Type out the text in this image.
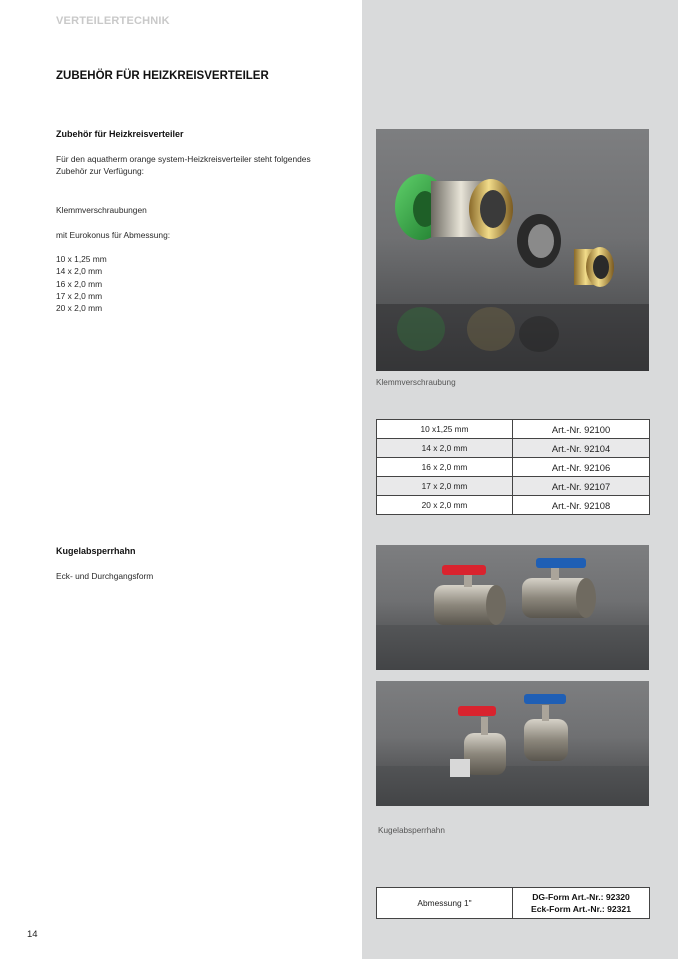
VERTEILERTECHNIK
ZUBEHÖR FÜR HEIZKREISVERTEILER
Zubehör für Heizkreisverteiler

Für den aquatherm orange system-Heizkreisverteiler steht folgendes

Zubehör zur Verfügung:

Klemmverschraubungen
mit Eurokonus für Abmessung:

10 x 1,25 mm

14 x 2,0 mm

16 x 2,0 mm

17 x 2,0 mm

20 x 2,0 mm

Klemmverschraubung
10 x1,25 mm	Art.-Nr. 92100
14 x 2,0 mm	Art.-Nr. 92104
16 x 2,0 mm	Art.-Nr. 92106
17 x 2,0 mm	Art.-Nr. 92107
20 x 2,0 mm	Art.-Nr. 92108
Kugelabsperrhahn
Eck- und Durchgangsform
Kugelabsperrhahn
Abmessung 1"	
DG-Form Art.-Nr.: 92320
Eck-Form Art.-Nr.: 92321
14
